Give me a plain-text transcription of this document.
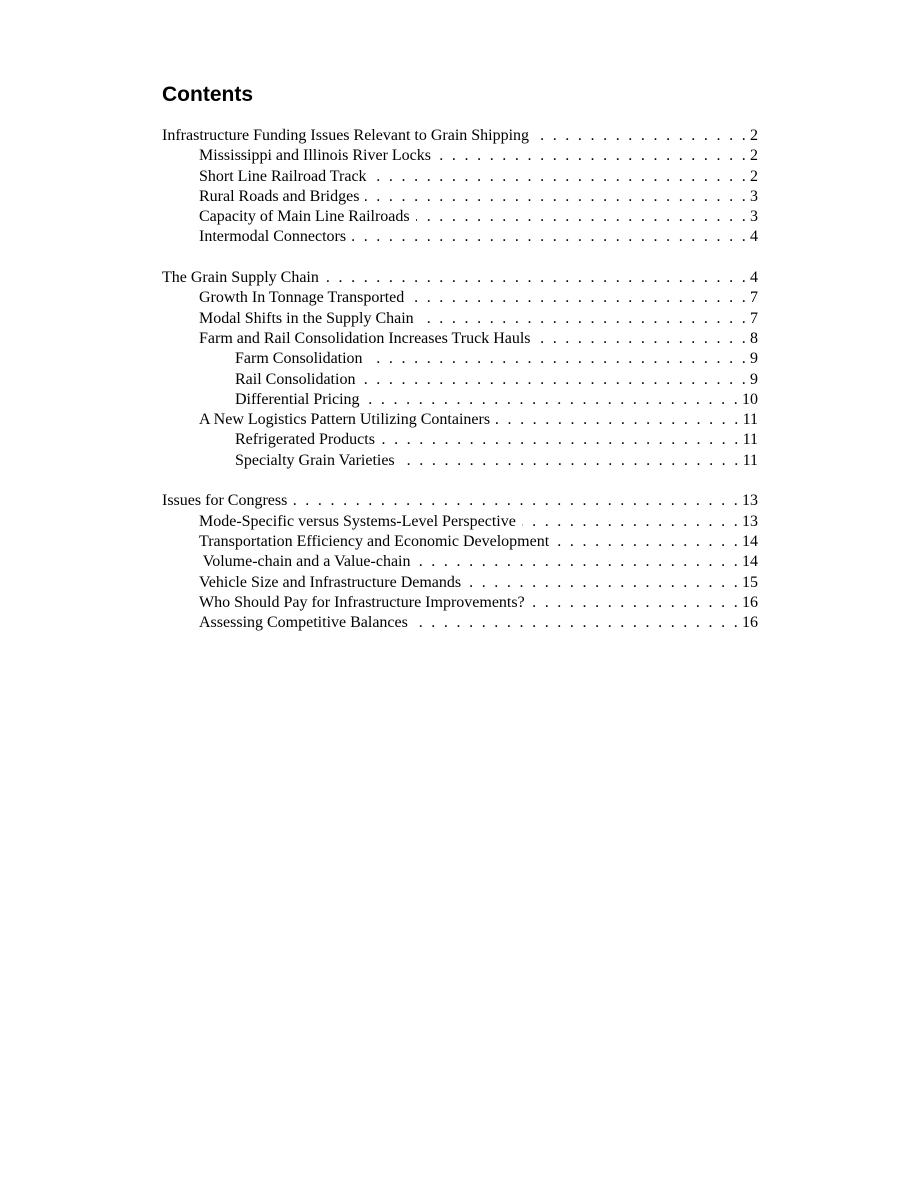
Contents
Infrastructure Funding Issues Relevant to Grain Shipping . . .	2
Mississippi and Illinois River Locks . . .	2
Short Line Railroad Track . . .	2
Rural Roads and Bridges . . .	3
Capacity of Main Line Railroads . . .	3
Intermodal Connectors . . .	4
The Grain Supply Chain . . .	4
Growth In Tonnage Transported . . .	7
Modal Shifts in the Supply Chain . . .	7
Farm and Rail Consolidation Increases Truck Hauls . . .	8
Farm Consolidation . . .	9
Rail Consolidation . . .	9
Differential Pricing . . .	10
A New Logistics Pattern Utilizing Containers . . .	11
Refrigerated Products . . .	11
Specialty Grain Varieties . . .	11
Issues for Congress . . .	13
Mode-Specific versus Systems-Level Perspective . . .	13
Transportation Efficiency and Economic Development . . .	14
Volume-chain and a Value-chain . . .	14
Vehicle Size and Infrastructure Demands . . .	15
Who Should Pay for Infrastructure Improvements? . . .	16
Assessing Competitive Balances . . .	16
